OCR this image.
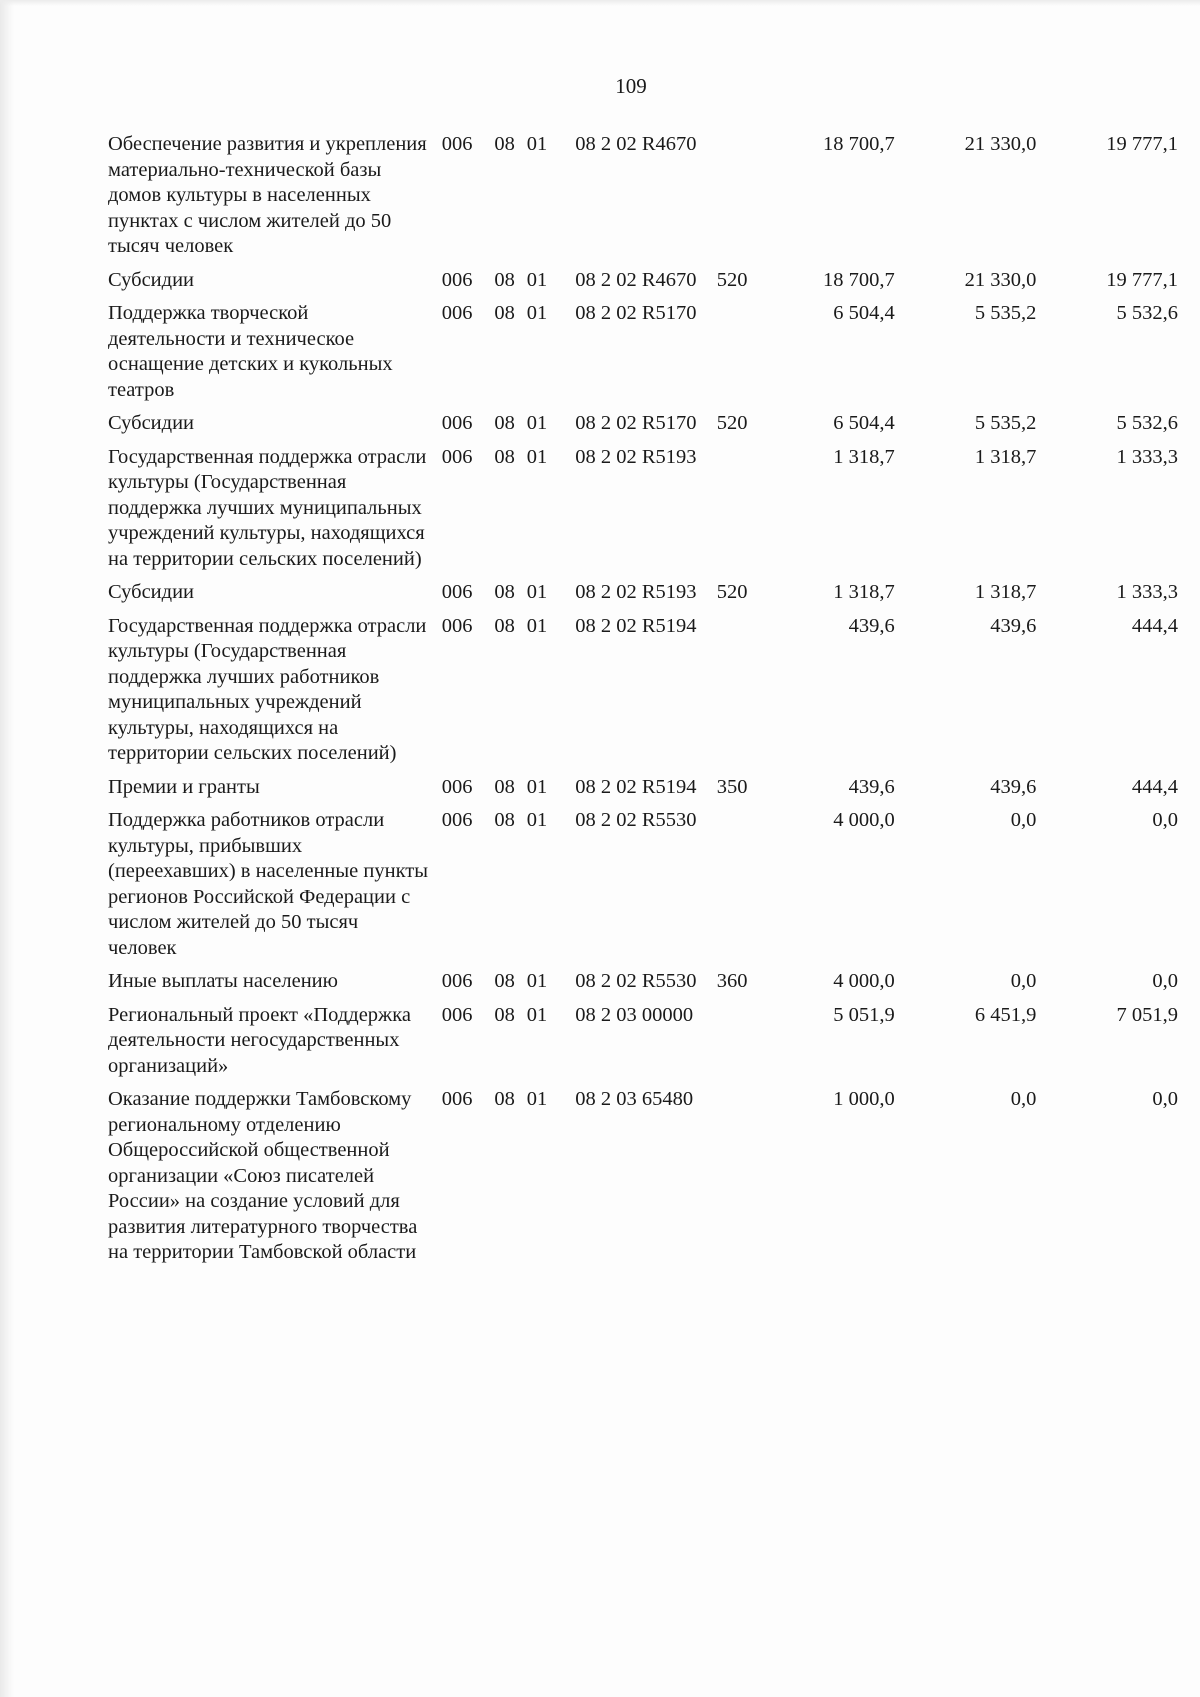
109
Обеспечение развития и укрепления материально-технической базы домов культуры в населенных пунктах с числом жителей до 50 тысяч человек	006	08	01	08 2 02 R4670		18 700,7	21 330,0	19 777,1
Субсидии	006	08	01	08 2 02 R4670	520	18 700,7	21 330,0	19 777,1
Поддержка творческой деятельности и техническое оснащение детских и кукольных театров	006	08	01	08 2 02 R5170		6 504,4	5 535,2	5 532,6
Субсидии	006	08	01	08 2 02 R5170	520	6 504,4	5 535,2	5 532,6
Государственная поддержка отрасли культуры (Государственная поддержка лучших муниципальных учреждений культуры, находящихся на территории сельских поселений)	006	08	01	08 2 02 R5193		1 318,7	1 318,7	1 333,3
Субсидии	006	08	01	08 2 02 R5193	520	1 318,7	1 318,7	1 333,3
Государственная поддержка отрасли культуры (Государственная поддержка лучших работников муниципальных учреждений культуры, находящихся на территории сельских поселений)	006	08	01	08 2 02 R5194		439,6	439,6	444,4
Премии и гранты	006	08	01	08 2 02 R5194	350	439,6	439,6	444,4
Поддержка работников отрасли культуры, прибывших (переехавших) в населенные пункты регионов Российской Федерации с числом жителей до 50 тысяч человек	006	08	01	08 2 02 R5530		4 000,0	0,0	0,0
Иные выплаты населению	006	08	01	08 2 02 R5530	360	4 000,0	0,0	0,0
Региональный проект «Поддержка деятельности негосударственных организаций»	006	08	01	08 2 03 00000		5 051,9	6 451,9	7 051,9
Оказание поддержки Тамбовскому региональному отделению Общероссийской общественной организации «Союз писателей России» на создание условий для развития литературного творчества на территории Тамбовской области	006	08	01	08 2 03 65480		1 000,0	0,0	0,0
